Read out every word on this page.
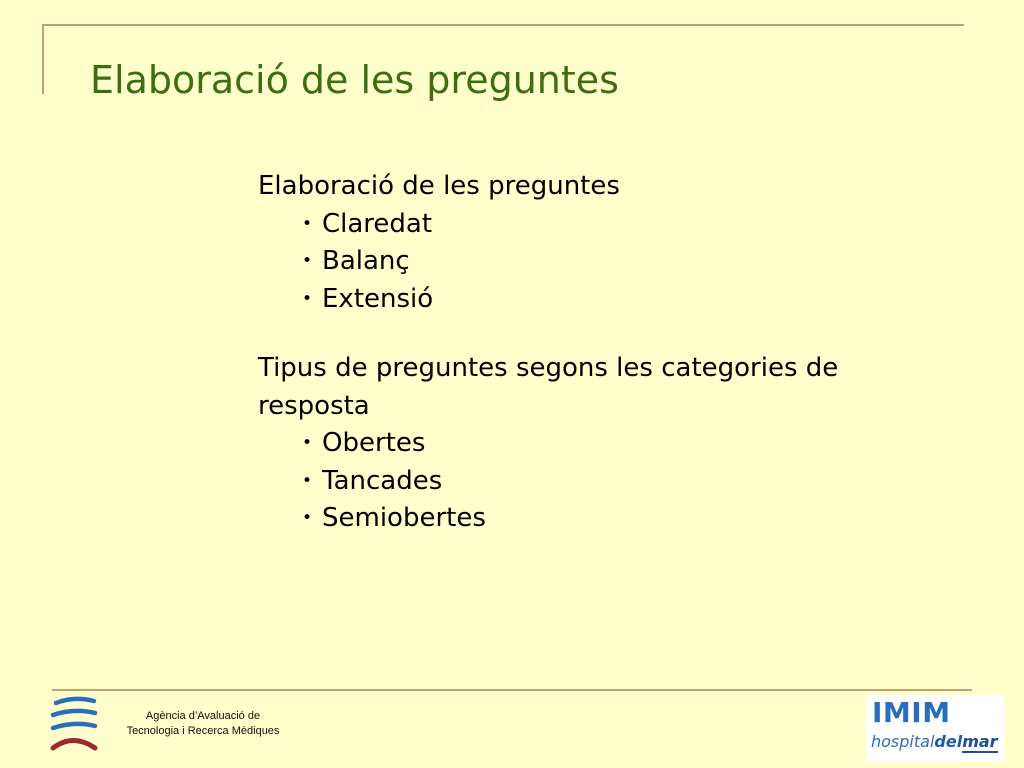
Elaboració de les preguntes
Elaboració de les preguntes
• Claredat
• Balanç
• Extensió
Tipus de preguntes segons les categories de resposta
• Obertes
• Tancades
• Semiobertes
Agència d’Avaluació de
Tecnologia i Recerca Mèdiques
IMIM
hospitaldelmar
